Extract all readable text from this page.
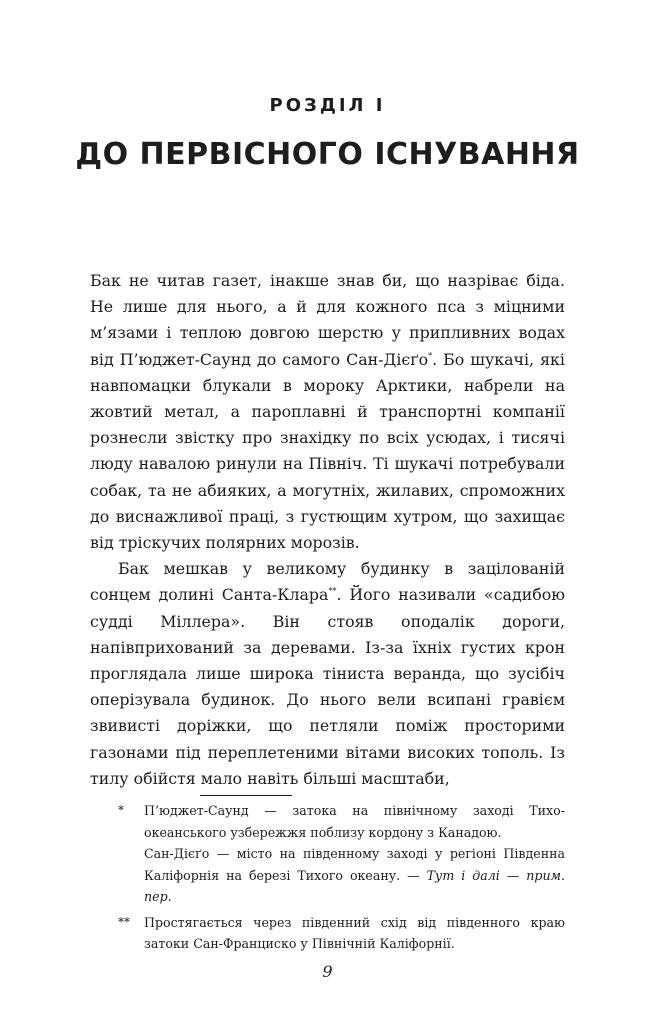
РОЗДІЛ І
ДО ПЕРВІСНОГО ІСНУВАННЯ

Бак не читав газет, інакше знав би, що назріває біда. Не лише для нього, а й для кожного пса з міцними м’язами і теплою довгою шерстю у припливних водах від П’юджет-Саунд до самого Сан-Дієґо*. Бо шукачі, які навпомацки блукали в мороку Арктики, набрели на жовтий метал, а пароплавні й транспортні компанії рознесли звістку про знахідку по всіх усюдах, і тисячі люду навалою ринули на Північ. Ті шукачі потребували собак, та не абияких, а могутніх, жилавих, спроможних до виснажливої праці, з густющим хутром, що захищає від тріскучих полярних морозів.

Бак мешкав у великому будинку в зацілованій сонцем долині Санта-Клара**. Його називали «садибою судді Міллера». Він стояв оподалік дороги, напівприхований за деревами. Із-за їхніх густих крон проглядала лише широка тіниста веранда, що зусібіч оперізувала будинок. До нього вели всипані гравієм звивисті доріжки, що петляли поміж просторими газонами під переплетеними вітами високих тополь. Із тилу обійстя мало навіть більші масштаби,

* П’юджет-Саунд — затока на північному заході Тихоокеанського узбережжя поблизу кордону з Канадою.

Сан-Дієґо — місто на південному заході у регіоні Південна Каліфорнія на березі Тихого океану. — Тут і далі — прим. пер.

** Простягається через південний схід від південного краю затоки Сан-Франциско у Північній Каліфорнії.

9
